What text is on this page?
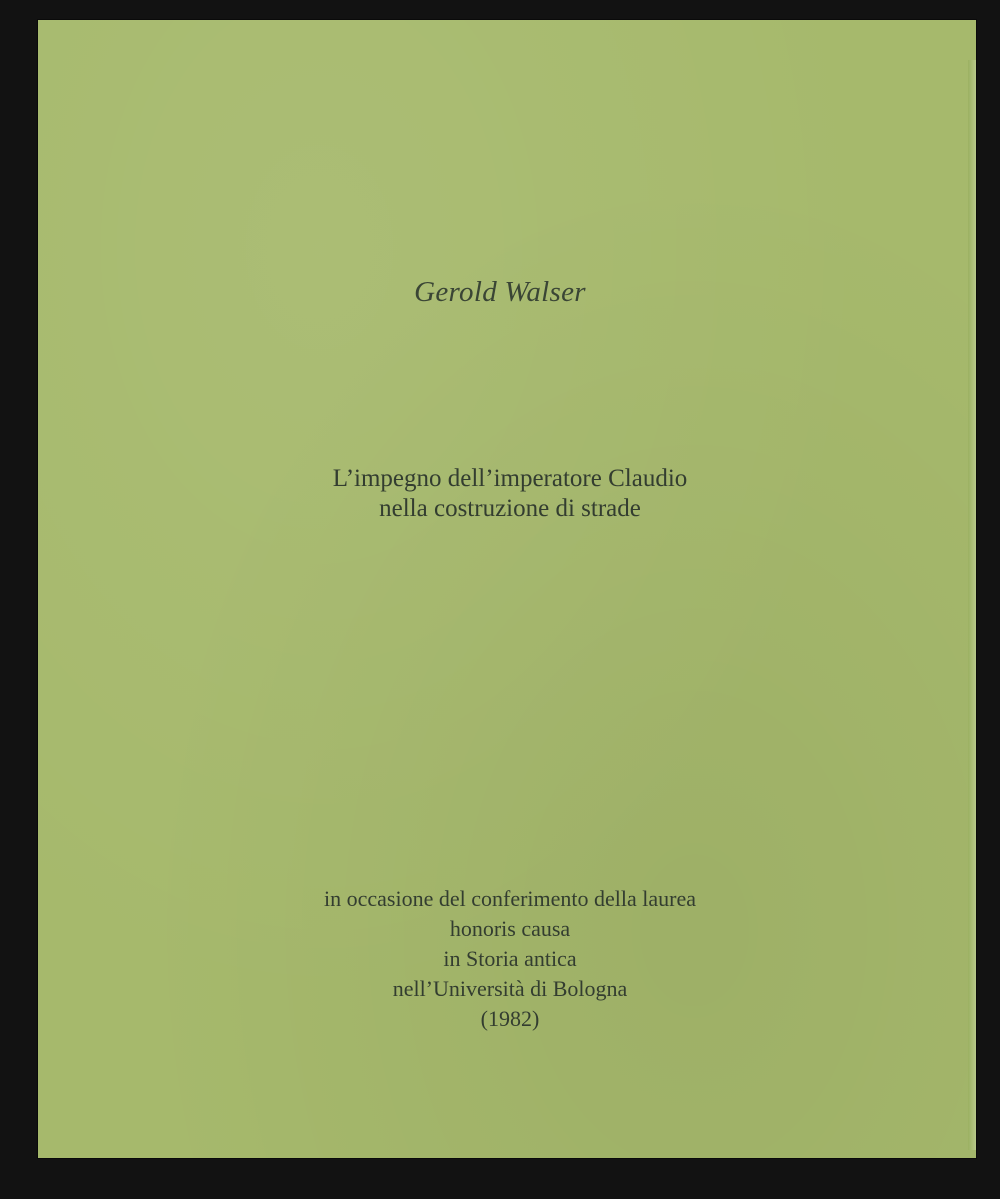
Gerold Walser
L’impegno dell’imperatore Claudio
nella costruzione di strade
in occasione del conferimento della laurea
honoris causa
in Storia antica
nell’Università di Bologna
(1982)
